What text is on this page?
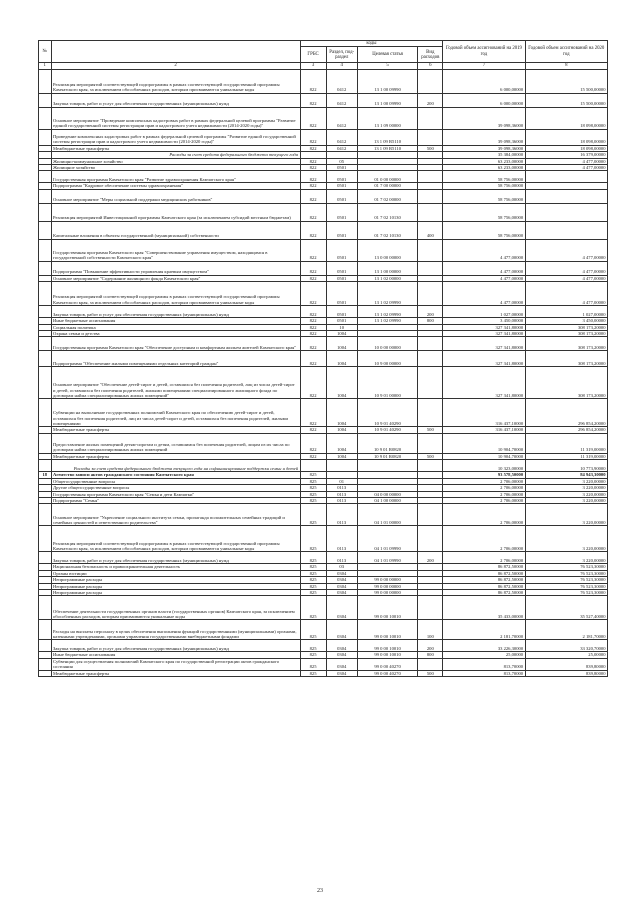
№		коды				Годовой объем ассигнований на 2019 год	Годовой объем ассигнований на 2020 год
		ГРБС	Раздел, под-раздел	Целевая статья	Вид расходов		
1	2	3	4	5	6	7	8
	Реализация мероприятий соответствующей подпрограммы в рамках соответствующей государственной программы Камчатского края, за исключением обособленных расходов, которым присваиваются уникальные коды	822	0412	13 1 00 09990		6 000,00000	15 500,00000
	Закупка товаров, работ и услуг для обеспечения государственных (муниципальных) нужд	822	0412	13 1 00 09990	200	6 000,00000	15 500,00000
	Основное мероприятие "Проведение комплексных кадастровых работ в рамках федеральной целевой программы "Развитие единой государственной системы регистрации прав и кадастрового учета недвижимости (2014-2020 годы)"	822	0412	13 1 09 00000		39 098,36000	18 098,00000
	Проведение комплексных кадастровых работ в рамках федеральной целевой программы "Развитие единой государственной системы регистрации прав и кадастрового учета недвижимости (2014-2020 годы)"	822	0412	13 1 09 R5110		39 098,36000	18 098,00000
	Межбюджетные трансферты	822	0412	13 1 09 R5110	500	39 098,36000	18 098,00000
	Расходы за счет средств федерального бюджета текущего года					35 384,00000	16 379,00000
	Жилищно-коммунальное хозяйство	822	05			63 233,00000	4 477,00000
	Жилищное хозяйство	822	0501			63 233,00000	4 477,00000
	Государственная программа Камчатского края "Развитие здравоохранения Камчатского края"	822	0501	01 0 00 00000		58 756,00000	
	Подпрограмма "Кадровое обеспечение системы здравоохранения"	822	0501	01 7 00 00000		58 756,00000	
	Основное мероприятие "Меры социальной поддержки медицинских работников"	822	0501	01 7 02 00000		58 756,00000	
	Реализация мероприятий Инвестиционной программы Камчатского края (за исключением субсидий местным бюджетам)	822	0501	01 7 02 10130		58 756,00000	
	Капитальные вложения в объекты государственной (муниципальной) собственности	822	0501	01 7 02 10130	400	58 756,00000	
	Государственная программа Камчатского края "Совершенствование управления имуществом, находящимся в государственной собственности Камчатского края"	822	0501	13 0 00 00000		4 477,00000	4 477,00000
	Подпрограмма "Повышение эффективности управления краевым имуществом"	822	0501	13 1 00 00000		4 477,00000	4 477,00000
	Основное мероприятие "Содержание жилищного фонда Камчатского края"	822	0501	13 1 02 00000		4 477,00000	4 477,00000
	Реализация мероприятий соответствующей подпрограммы в рамках соответствующей государственной программы Камчатского края, за исключением обособленных расходов, которым присваиваются уникальные коды	822	0501	13 1 02 09990		4 477,00000	4 477,00000
	Закупка товаров, работ и услуг для обеспечения государственных (муниципальных) нужд	822	0501	13 1 02 09990	200	1 027,00000	1 027,00000
	Иные бюджетные ассигнования	822	0501	13 1 02 09990	800	3 450,00000	3 450,00000
	Социальная политика	822	10			327 341,80000	308 173,20000
	Охрана семьи и детства	822	1004			327 341,80000	308 173,20000
	Государственная программа Камчатского края "Обеспечение доступным и комфортным жильем жителей Камчатского края"	822	1004	10 0 00 00000		327 341,80000	308 173,20000
	Подпрограмма "Обеспечение жилыми помещениями отдельных категорий граждан"	822	1004	10 9 00 00000		327 341,80000	308 173,20000
	Основное мероприятие "Обеспечение детей-сирот и детей, оставшихся без попечения родителей, лиц из числа детей-сирот и детей, оставшихся без попечения родителей, жилыми помещениями специализированного жилищного фонда по договорам найма специализированных жилых помещений"	822	1004	10 9 01 00000		327 341,80000	308 173,20000
	Субвенции на выполнение государственных полномочий Камчатского края по обеспечению детей-сирот и детей, оставшихся без попечения родителей, лиц из числа детей-сирот и детей, оставшихся без попечения родителей, жилыми помещениями	822	1004	10 9 01 40290		316 437,10000	296 854,20000
	Межбюджетные трансферты	822	1004	10 9 01 40290	500	316 437,10000	296 854,20000
	Предоставление жилых помещений детям-сиротам и детям, оставшимся без попечения родителей, лицам из их числа по договорам найма специализированных жилых помещений	822	1004	10 9 01 R0820		10 904,70000	11 319,00000
	Межбюджетные трансферты	822	1004	10 9 01 R0820	500	10 904,70000	11 319,00000
	Расходы за счет средств федерального бюджета текущего года на софинансирование поддержки семьи и детей					10 323,00000	10 773,90000
18	Агентство записи актов гражданского состояния Камчатского края	825				93 578,50000	84 943,30000
	Общегосударственные вопросы	825	01			2 706,00000	3 220,00000
	Другие общегосударственные вопросы	825	0113			2 706,00000	3 220,00000
	Государственная программа Камчатского края "Семья и дети Камчатки"	825	0113	04 0 00 00000		2 706,00000	3 220,00000
	Подпрограмма "Семья"	825	0113	04 1 00 00000		2 706,00000	3 220,00000
	Основное мероприятие "Укрепление социального института семьи, пропаганда положительных семейных традиций и семейных ценностей и ответственного родительства"	825	0113	04 1 01 00000		2 706,00000	3 220,00000
	Реализация мероприятий соответствующей подпрограммы в рамках соответствующей государственной программы Камчатского края, за исключением обособленных расходов, которым присваиваются уникальные коды	825	0113	04 1 01 09990		2 706,00000	3 220,00000
	Закупка товаров, работ и услуг для обеспечения государственных (муниципальных) нужд	825	0113	04 1 01 09990	200	2 706,00000	3 220,00000
	Национальная безопасность и правоохранительная деятельность	825	03			86 872,50000	76 523,30000
	Органы юстиции	825	0304			86 872,50000	76 523,30000
	Непрограммные расходы	825	0304	99 0 00 00000		86 872,50000	76 523,30000
	Непрограммные расходы	825	0304	99 0 00 00000		86 872,50000	76 523,30000
	Непрограммные расходы	825	0304	99 0 00 00000		86 872,50000	76 523,30000
	Обеспечение деятельности государственных органов власти (государственных органов) Камчатского края, за исключением обособленных расходов, которым присваиваются уникальные коды	825	0304	99 0 00 10010		35 433,00000	35 527,40000
	Расходы на выплаты персоналу в целях обеспечения выполнения функций государственными (муниципальными) органами, казенными учреждениями, органами управления государственными внебюджетными фондами	825	0304	99 0 00 10010	100	2 181,70000	2 181,70000
	Закупка товаров, работ и услуг для обеспечения государственных (муниципальных) нужд	825	0304	99 0 00 10010	200	33 226,30000	33 320,70000
	Иные бюджетные ассигнования	825	0304	99 0 00 10010	800	25,00000	25,00000
	Субвенции для осуществления полномочий Камчатского края по государственной регистрации актов гражданского состояния	825	0304	99 0 00 40270		813,70000	839,80000
	Межбюджетные трансферты	825	0304	99 0 00 40270	500	813,70000	839,80000
23
